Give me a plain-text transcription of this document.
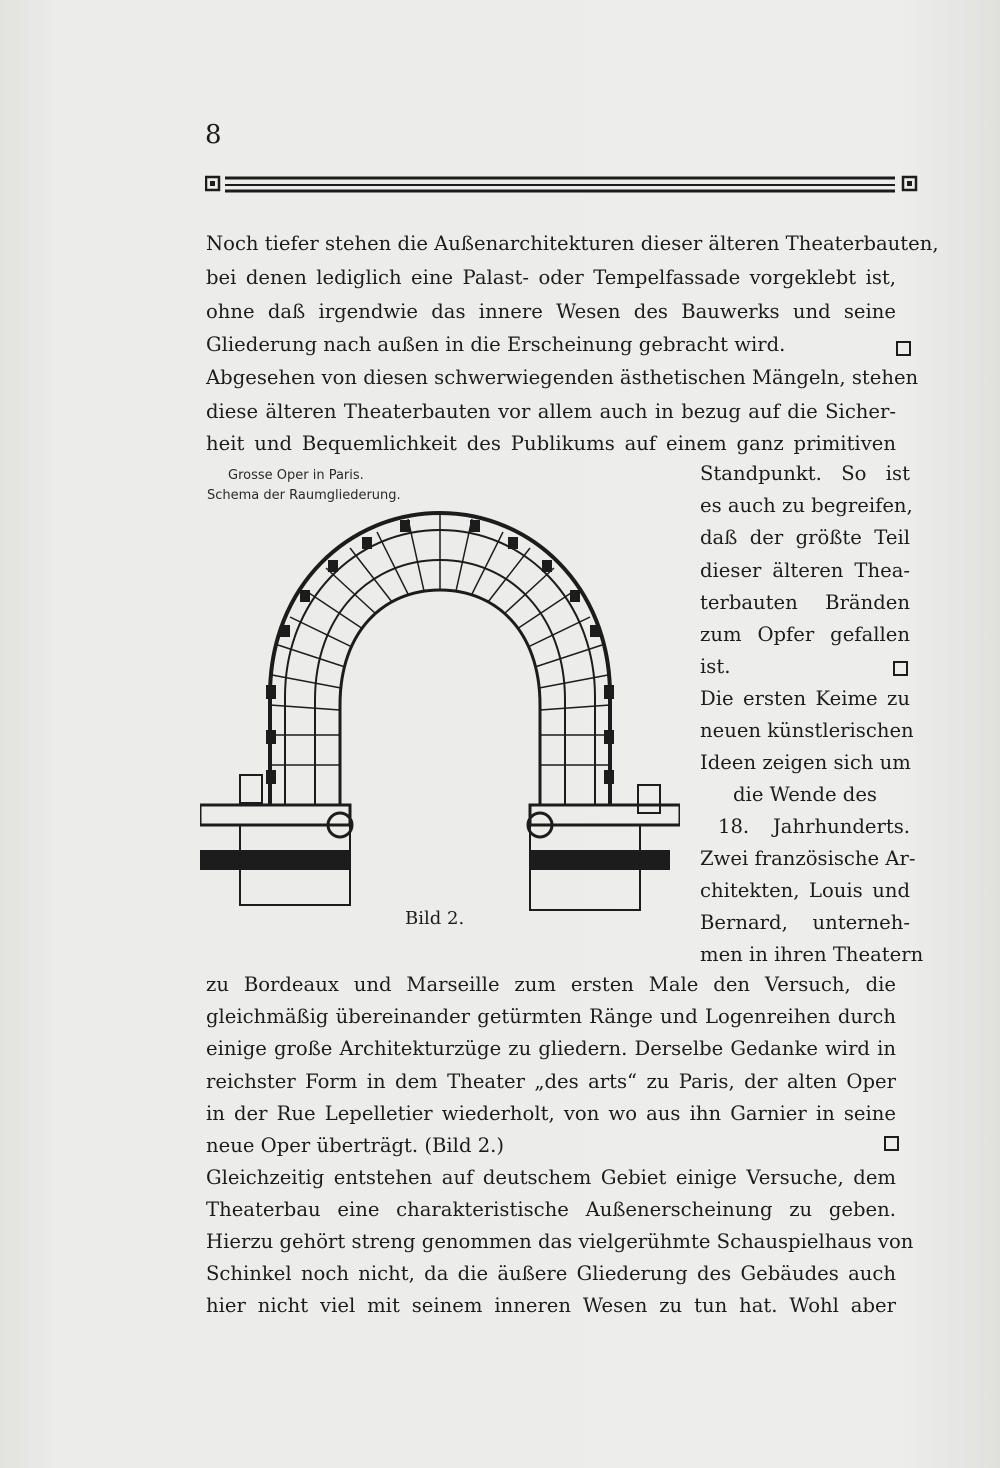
8
Noch tiefer stehen die Außenarchitekturen dieser älteren Theaterbauten,
bei denen lediglich eine Palast- oder Tempelfassade vorgeklebt ist,
ohne daß irgendwie das innere Wesen des Bauwerks und seine
Gliederung nach außen in die Erscheinung gebracht wird.
Abgesehen von diesen schwerwiegenden ästhetischen Mängeln, stehen
diese älteren Theaterbauten vor allem auch in bezug auf die Sicher-
heit und Bequemlichkeit des Publikums auf einem ganz primitiven
Standpunkt. So ist
es auch zu begreifen,
daß der größte Teil
dieser älteren Thea-
terbauten Bränden
zum Opfer gefallen
ist.
Die ersten Keime zu
neuen künstlerischen
Ideen zeigen sich um
die Wende des
18. Jahrhunderts.
Zwei französische Ar-
chitekten, Louis und
Bernard, unterneh-
men in ihren Theatern
Grosse Oper in Paris.
Schema der Raumgliederung.
Bild 2.
zu Bordeaux und Marseille zum ersten Male den Versuch, die
gleichmäßig übereinander getürmten Ränge und Logenreihen durch
einige große Architekturzüge zu gliedern. Derselbe Gedanke wird in
reichster Form in dem Theater „des arts“ zu Paris, der alten Oper
in der Rue Lepelletier wiederholt, von wo aus ihn Garnier in seine
neue Oper überträgt. (Bild 2.)
Gleichzeitig entstehen auf deutschem Gebiet einige Versuche, dem
Theaterbau eine charakteristische Außenerscheinung zu geben.
Hierzu gehört streng genommen das vielgerühmte Schauspielhaus von
Schinkel noch nicht, da die äußere Gliederung des Gebäudes auch
hier nicht viel mit seinem inneren Wesen zu tun hat. Wohl aber
